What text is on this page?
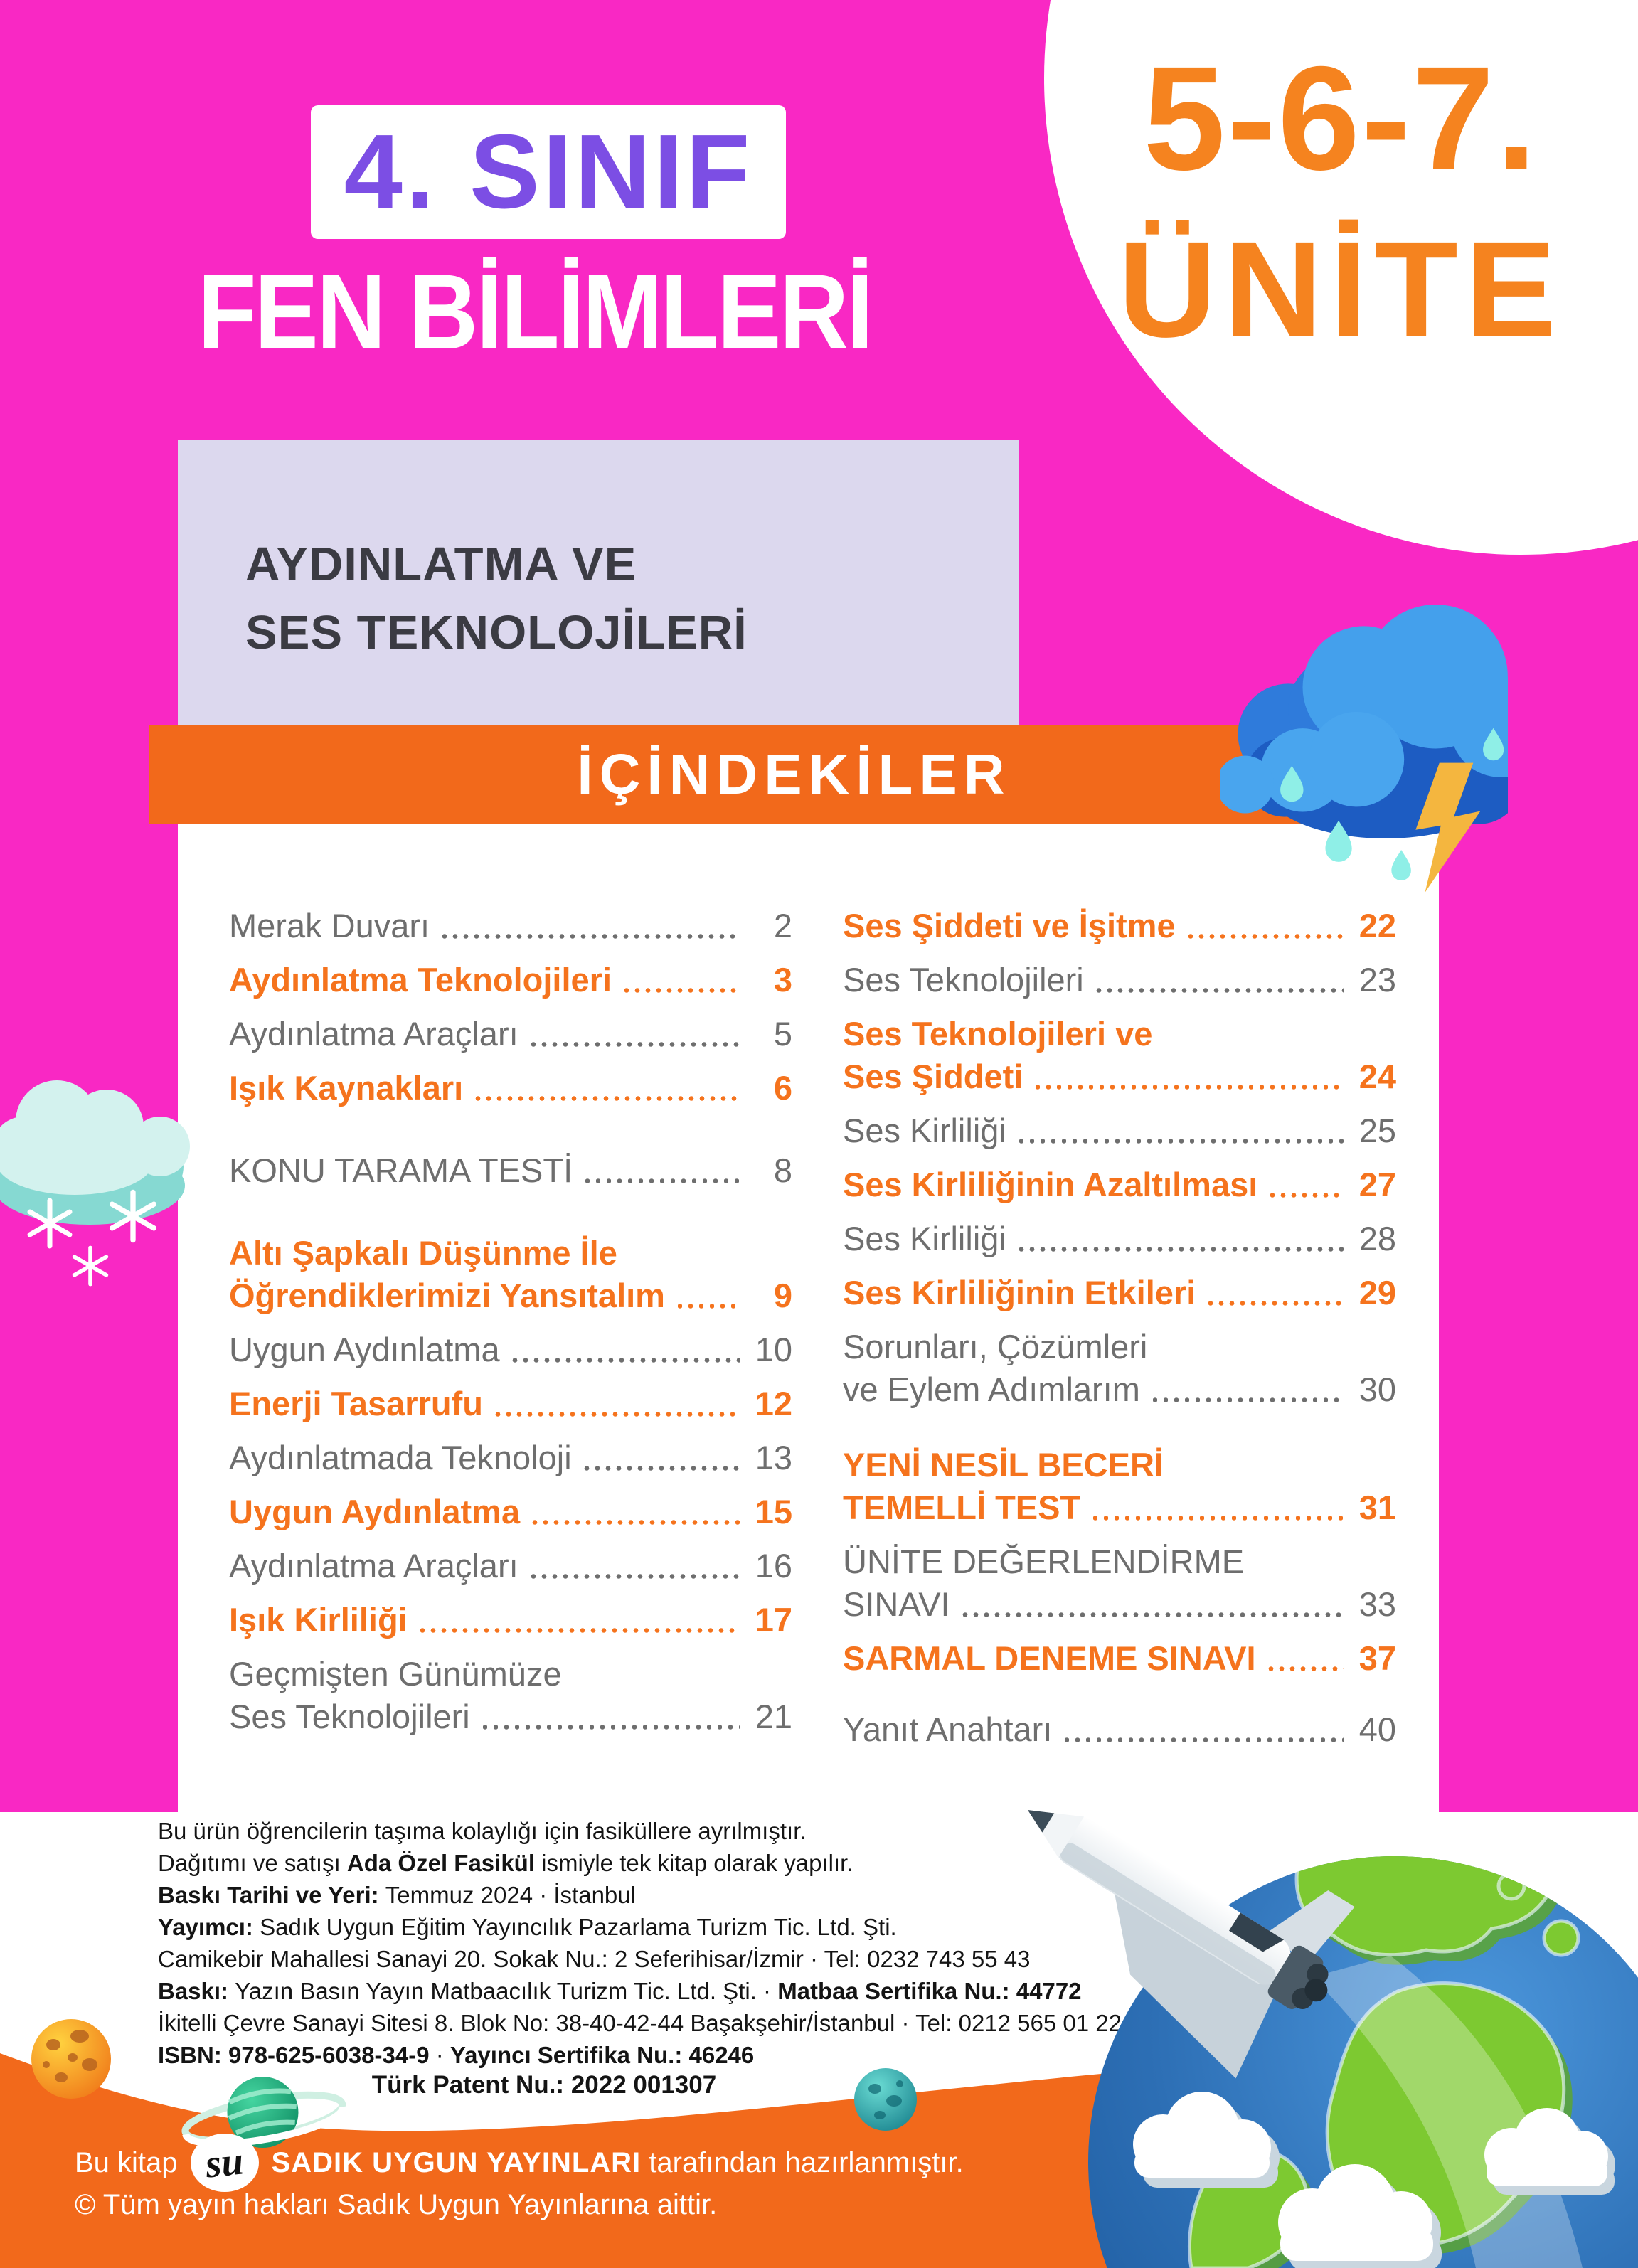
4. SINIF
FEN BİLİMLERİ
5-6-7.
ÜNİTE
AYDINLATMA VE
SES TEKNOLOJİLERİ
İÇİNDEKİLER
Merak Duvarı	2
Aydınlatma Teknolojileri	3
Aydınlatma Araçları	5
Işık Kaynakları	6
KONU TARAMA TESTİ	8
Altı Şapkalı Düşünme İle
Öğrendiklerimizi Yansıtalım	9
Uygun Aydınlatma	10
Enerji Tasarrufu	12
Aydınlatmada Teknoloji	13
Uygun Aydınlatma	15
Aydınlatma Araçları	16
Işık Kirliliği	17
Geçmişten Günümüze
Ses Teknolojileri	21
Ses Şiddeti ve İşitme	22
Ses Teknolojileri	23
Ses Teknolojileri ve
Ses Şiddeti	24
Ses Kirliliği	25
Ses Kirliliğinin Azaltılması	27
Ses Kirliliği	28
Ses Kirliliğinin Etkileri	29
Sorunları, Çözümleri
ve Eylem Adımlarım	30
YENİ NESİL BECERİ
TEMELLİ TEST	31
ÜNİTE DEĞERLENDİRME
SINAVI	33
SARMAL DENEME SINAVI	37
Yanıt Anahtarı	40
Bu ürün öğrencilerin taşıma kolaylığı için fasiküllere ayrılmıştır.
Dağıtımı ve satışı Ada Özel Fasikül ismiyle tek kitap olarak yapılır.
Baskı Tarihi ve Yeri: Temmuz 2024 · İstanbul
Yayımcı: Sadık Uygun Eğitim Yayıncılık Pazarlama Turizm Tic. Ltd. Şti.
Camikebir Mahallesi Sanayi 20. Sokak Nu.: 2 Seferihisar/İzmir · Tel: 0232 743 55 43
Baskı: Yazın Basın Yayın Matbaacılık Turizm Tic. Ltd. Şti. · Matbaa Sertifika Nu.: 44772
İkitelli Çevre Sanayi Sitesi 8. Blok No: 38-40-42-44 Başakşehir/İstanbul · Tel: 0212 565 01 22
ISBN: 978-625-6038-34-9 · Yayıncı Sertifika Nu.: 46246
Türk Patent Nu.: 2022 001307
Bu kitap su SADIK UYGUN YAYINLARI
tarafından hazırlanmıştır.
© Tüm yayın hakları Sadık Uygun Yayınlarına aittir.
